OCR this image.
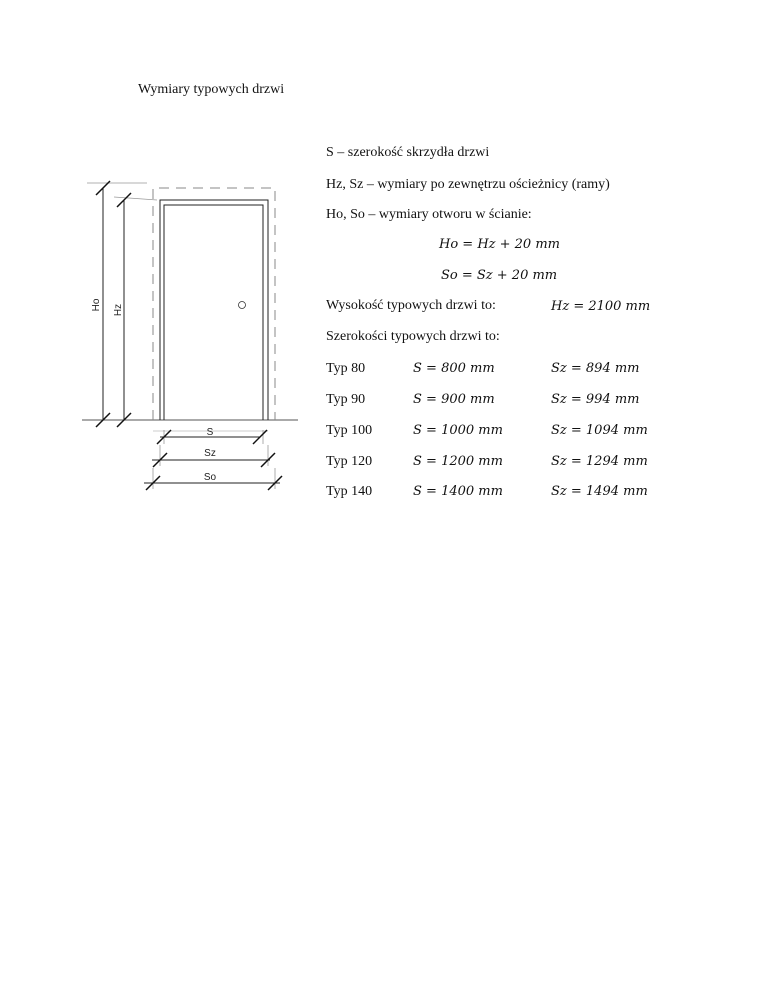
Wymiary typowych drzwi
S – szerokość skrzydła drzwi
Hz, Sz – wymiary po zewnętrzu ościeżnicy (ramy)
Ho, So – wymiary otworu w ścianie:
Ho = Hz + 20 mm
So = Sz + 20 mm
Wysokość typowych drzwi to:	Hz = 2100 mm
Szerokości typowych drzwi to:
Typ 80	S = 800 mm	Sz = 894 mm
Typ 90	S = 900 mm	Sz = 994 mm
Typ 100	S = 1000 mm	Sz = 1094 mm
Typ 120	S = 1200 mm	Sz = 1294 mm
Typ 140	S = 1400 mm	Sz = 1494 mm
Ho Hz
S
Sz
So
